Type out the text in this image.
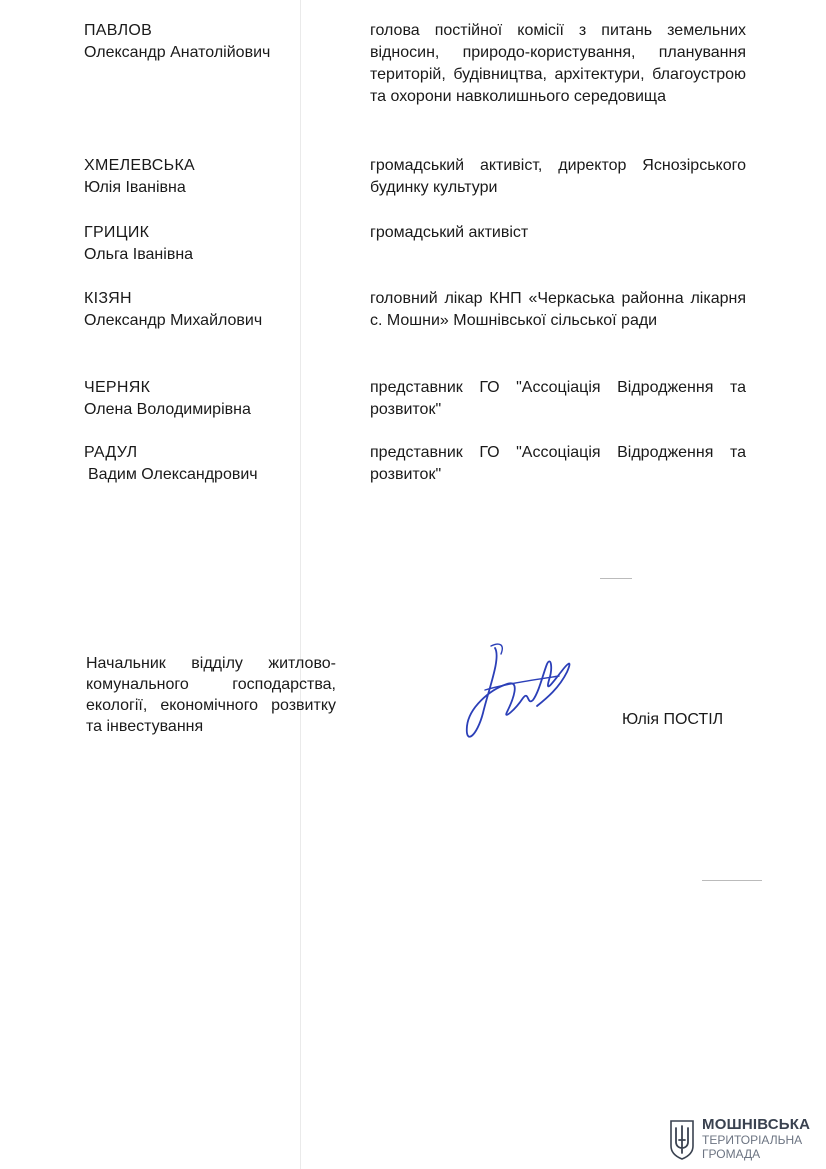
ПАВЛОВ
Олександр Анатолійович
голова постійної комісії з питань земельних відносин, природо-користування, планування територій, будівництва, архітектури, благоустрою та охорони навколишнього середовища
ХМЕЛЕВСЬКА
Юлія Іванівна
громадський активіст, директор Яснозірського будинку культури
ГРИЦИК
Ольга Іванівна
громадський активіст
КІЗЯН
Олександр Михайлович
головний лікар КНП «Черкаська районна лікарня с. Мошни» Мошнівської сільської ради
ЧЕРНЯК
Олена Володимирівна
представник ГО "Ассоціація Відродження та розвиток"
РАДУЛ
Вадим Олександрович
представник ГО "Ассоціація Відродження та розвиток"
Начальник відділу житлово-комунального господарства, екології, економічного розвитку та інвестування	Юлія ПОСТІЛ
МОШНІВСЬКА
ТЕРИТОРІАЛЬНА
ГРОМАДА
